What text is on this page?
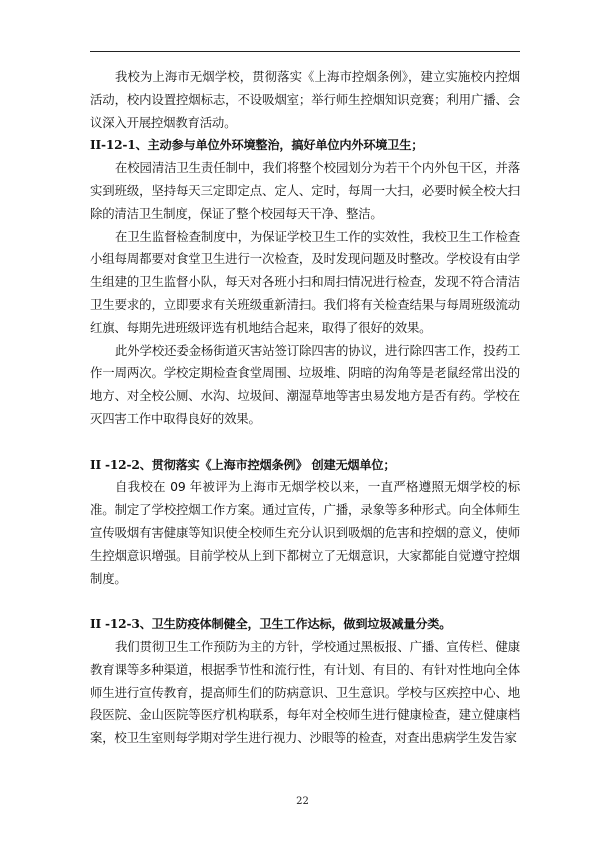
我校为上海市无烟学校，贯彻落实《上海市控烟条例》，建立实施校内控烟活动，校内设置控烟标志，不设吸烟室；举行师生控烟知识竞赛；利用广播、会议深入开展控烟教育活动。

II-12-1、主动参与单位外环境整治，搞好单位内外环境卫生；

在校园清洁卫生责任制中，我们将整个校园划分为若干个内外包干区，并落实到班级，坚持每天三定即定点、定人、定时，每周一大扫，必要时候全校大扫除的清洁卫生制度，保证了整个校园每天干净、整洁。

在卫生监督检查制度中，为保证学校卫生工作的实效性，我校卫生工作检查小组每周都要对食堂卫生进行一次检查，及时发现问题及时整改。学校设有由学生组建的卫生监督小队，每天对各班小扫和周扫情况进行检查，发现不符合清洁卫生要求的，立即要求有关班级重新清扫。我们将有关检查结果与每周班级流动红旗、每期先进班级评选有机地结合起来，取得了很好的效果。

此外学校还委金杨街道灭害站签订除四害的协议，进行除四害工作，投药工作一周两次。学校定期检查食堂周围、垃圾堆、阴暗的沟角等是老鼠经常出没的地方、对全校公厕、水沟、垃圾间、潮湿草地等害虫易发地方是否有药。学校在灭四害工作中取得良好的效果。

II -12-2、贯彻落实《上海市控烟条例》 创建无烟单位；

自我校在 09 年被评为上海市无烟学校以来，一直严格遵照无烟学校的标准。制定了学校控烟工作方案。通过宣传，广播，录象等多种形式。向全体师生宣传吸烟有害健康等知识使全校师生充分认识到吸烟的危害和控烟的意义，使师生控烟意识增强。目前学校从上到下都树立了无烟意识，大家都能自觉遵守控烟制度。

II -12-3、卫生防疫体制健全，卫生工作达标，做到垃圾减量分类。

我们贯彻卫生工作预防为主的方针，学校通过黑板报、广播、宣传栏、健康教育课等多种渠道，根据季节性和流行性，有计划、有目的、有针对性地向全体师生进行宣传教育，提高师生们的防病意识、卫生意识。学校与区疾控中心、地段医院、金山医院等医疗机构联系，每年对全校师生进行健康检查，建立健康档案，校卫生室则每学期对学生进行视力、沙眼等的检查，对查出患病学生发告家

22
